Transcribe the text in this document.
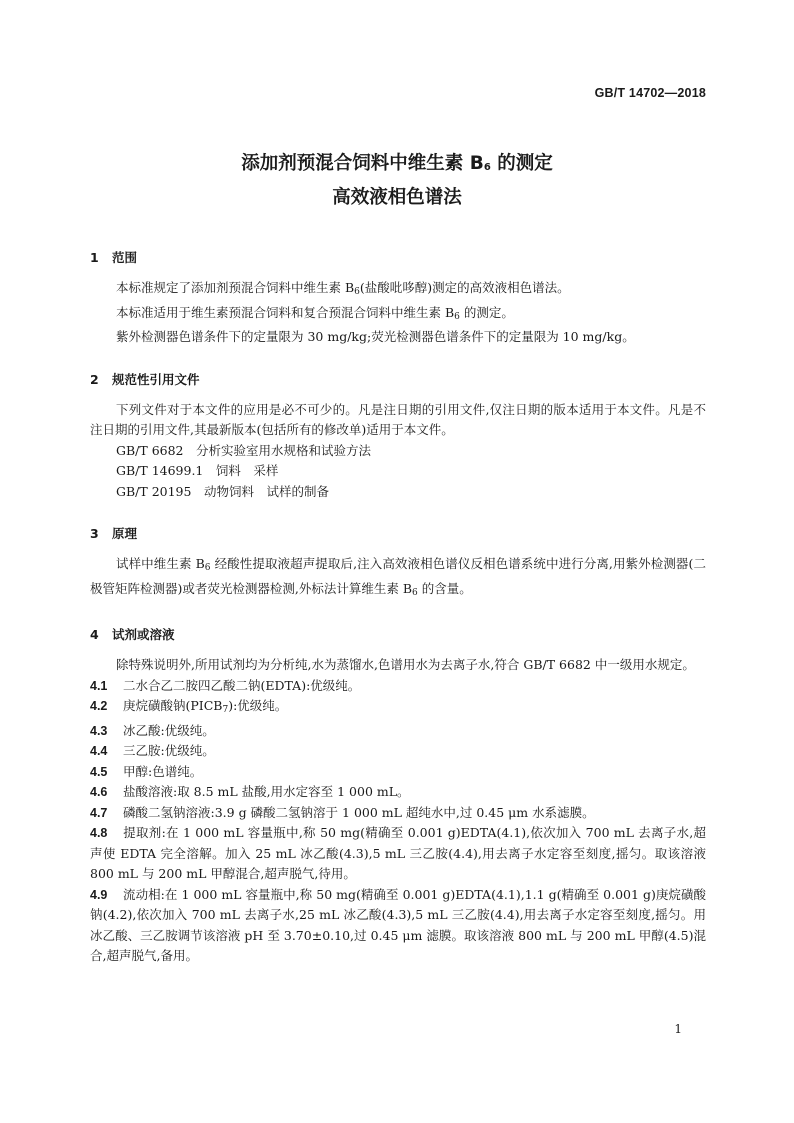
GB/T 14702—2018
添加剂预混合饲料中维生素 $B_6$ 的测定
高效液相色谱法
1 范围

本标准规定了添加剂预混合饲料中维生素 $B_6$(盐酸吡哆醇)测定的高效液相色谱法。

本标准适用于维生素预混合饲料和复合预混合饲料中维生素 $B_6$ 的测定。

紫外检测器色谱条件下的定量限为 30 mg/kg;荧光检测器色谱条件下的定量限为 10 mg/kg。

2 规范性引用文件

下列文件对于本文件的应用是必不可少的。凡是注日期的引用文件,仅注日期的版本适用于本文件。凡是不注日期的引用文件,其最新版本(包括所有的修改单)适用于本文件。

GB/T 6682　分析实验室用水规格和试验方法

GB/T 14699.1　饲料　采样

GB/T 20195　动物饲料　试样的制备

3 原理

试样中维生素 $B_6$ 经酸性提取液超声提取后,注入高效液相色谱仪反相色谱系统中进行分离,用紫外检测器(二极管矩阵检测器)或者荧光检测器检测,外标法计算维生素 $B_6$ 的含量。

4 试剂或溶液

除特殊说明外,所用试剂均为分析纯,水为蒸馏水,色谱用水为去离子水,符合 GB/T 6682 中一级用水规定。

4.1 二水合乙二胺四乙酸二钠(EDTA):优级纯。

4.2 庚烷磺酸钠$(PICB_7)$:优级纯。

4.3 冰乙酸:优级纯。

4.4 三乙胺:优级纯。

4.5 甲醇:色谱纯。

4.6 盐酸溶液:取 8.5 mL 盐酸,用水定容至 1 000 mL。

4.7 磷酸二氢钠溶液:3.9 g 磷酸二氢钠溶于 1 000 mL 超纯水中,过 0.45 μm 水系滤膜。

4.8 提取剂:在 1 000 mL 容量瓶中,称 50 mg(精确至 0.001 g)EDTA(4.1),依次加入 700 mL 去离子水,超声使 EDTA 完全溶解。加入 25 mL 冰乙酸(4.3),5 mL 三乙胺(4.4),用去离子水定容至刻度,摇匀。取该溶液 800 mL 与 200 mL 甲醇混合,超声脱气,待用。

4.9 流动相:在 1 000 mL 容量瓶中,称 50 mg(精确至 0.001 g)EDTA(4.1),1.1 g(精确至 0.001 g)庚烷磺酸钠(4.2),依次加入 700 mL 去离子水,25 mL 冰乙酸(4.3),5 mL 三乙胺(4.4),用去离子水定容至刻度,摇匀。用冰乙酸、三乙胺调节该溶液 pH 至 3.70±0.10,过 0.45 μm 滤膜。取该溶液 800 mL 与 200 mL 甲醇(4.5)混合,超声脱气,备用。

1
